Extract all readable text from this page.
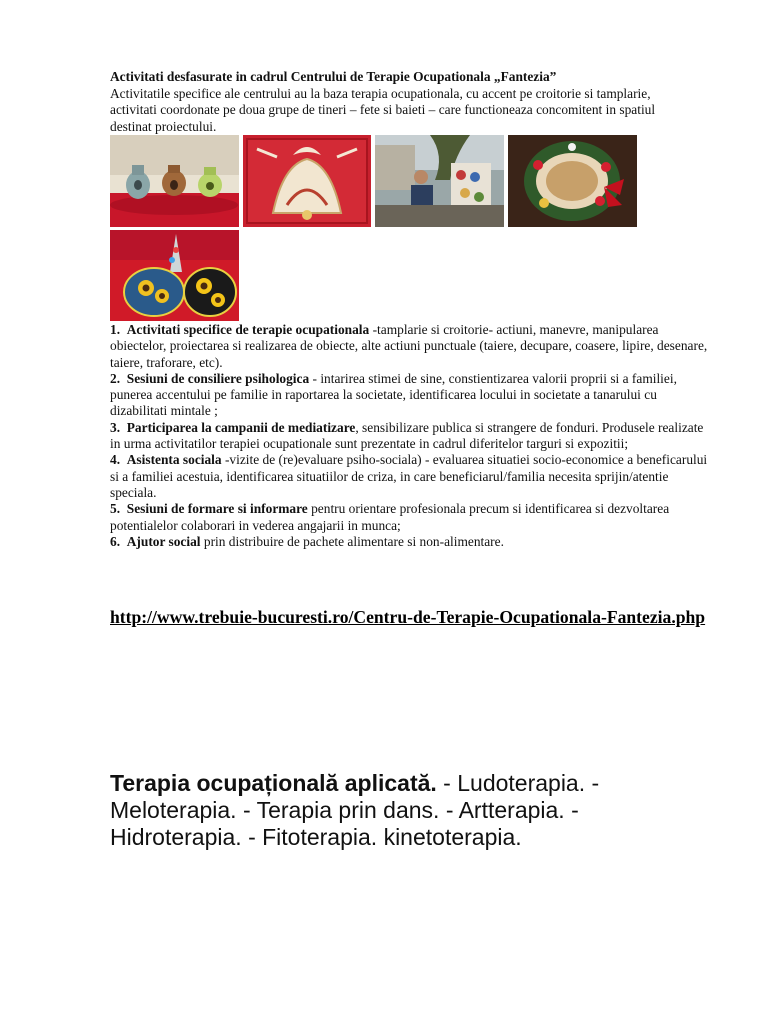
Activitati desfasurate in cadrul Centrului de Terapie Ocupationala „Fantezia”
Activitatile specifice ale centrului au la baza terapia ocupationala, cu accent pe croitorie si tamplarie, activitati coordonate pe doua grupe de tineri – fete si baieti – care functioneaza concomitent in spatiul destinat proiectului.

1. Activitati specifice de terapie ocupationala -tamplarie si croitorie- actiuni, manevre, manipularea obiectelor, proiectarea si realizarea de obiecte, alte actiuni punctuale (taiere, decupare, coasere, lipire, desenare, taiere, traforare, etc).

2. Sesiuni de consiliere psihologica - intarirea stimei de sine, constientizarea valorii proprii si a familiei, punerea accentului pe familie in raportarea la societate, identificarea locului in societate a tanarului cu dizabilitati mintale ;

3. Participarea la campanii de mediatizare, sensibilizare publica si strangere de fonduri. Produsele realizate in urma activitatilor terapiei ocupationale sunt prezentate in cadrul diferitelor targuri si expozitii;

4. Asistenta sociala -vizite de (re)evaluare psiho-sociala) - evaluarea situatiei socio-economice a beneficarului si a familiei acestuia, identificarea situatiilor de criza, in care beneficiarul/familia necesita sprijin/atentie speciala.

5. Sesiuni de formare si informare pentru orientare profesionala precum si identificarea si dezvoltarea potentialelor colaborari in vederea angajarii in munca;

6. Ajutor social prin distribuire de pachete alimentare si non-alimentare.

http://www.trebuie-bucuresti.ro/Centru-de-Terapie-Ocupationala-Fantezia.php
Terapia ocupațională aplicată. - Ludoterapia. - Meloterapia. - Terapia prin dans. - Artterapia. - Hidroterapia. - Fitoterapia. kinetoterapia.
